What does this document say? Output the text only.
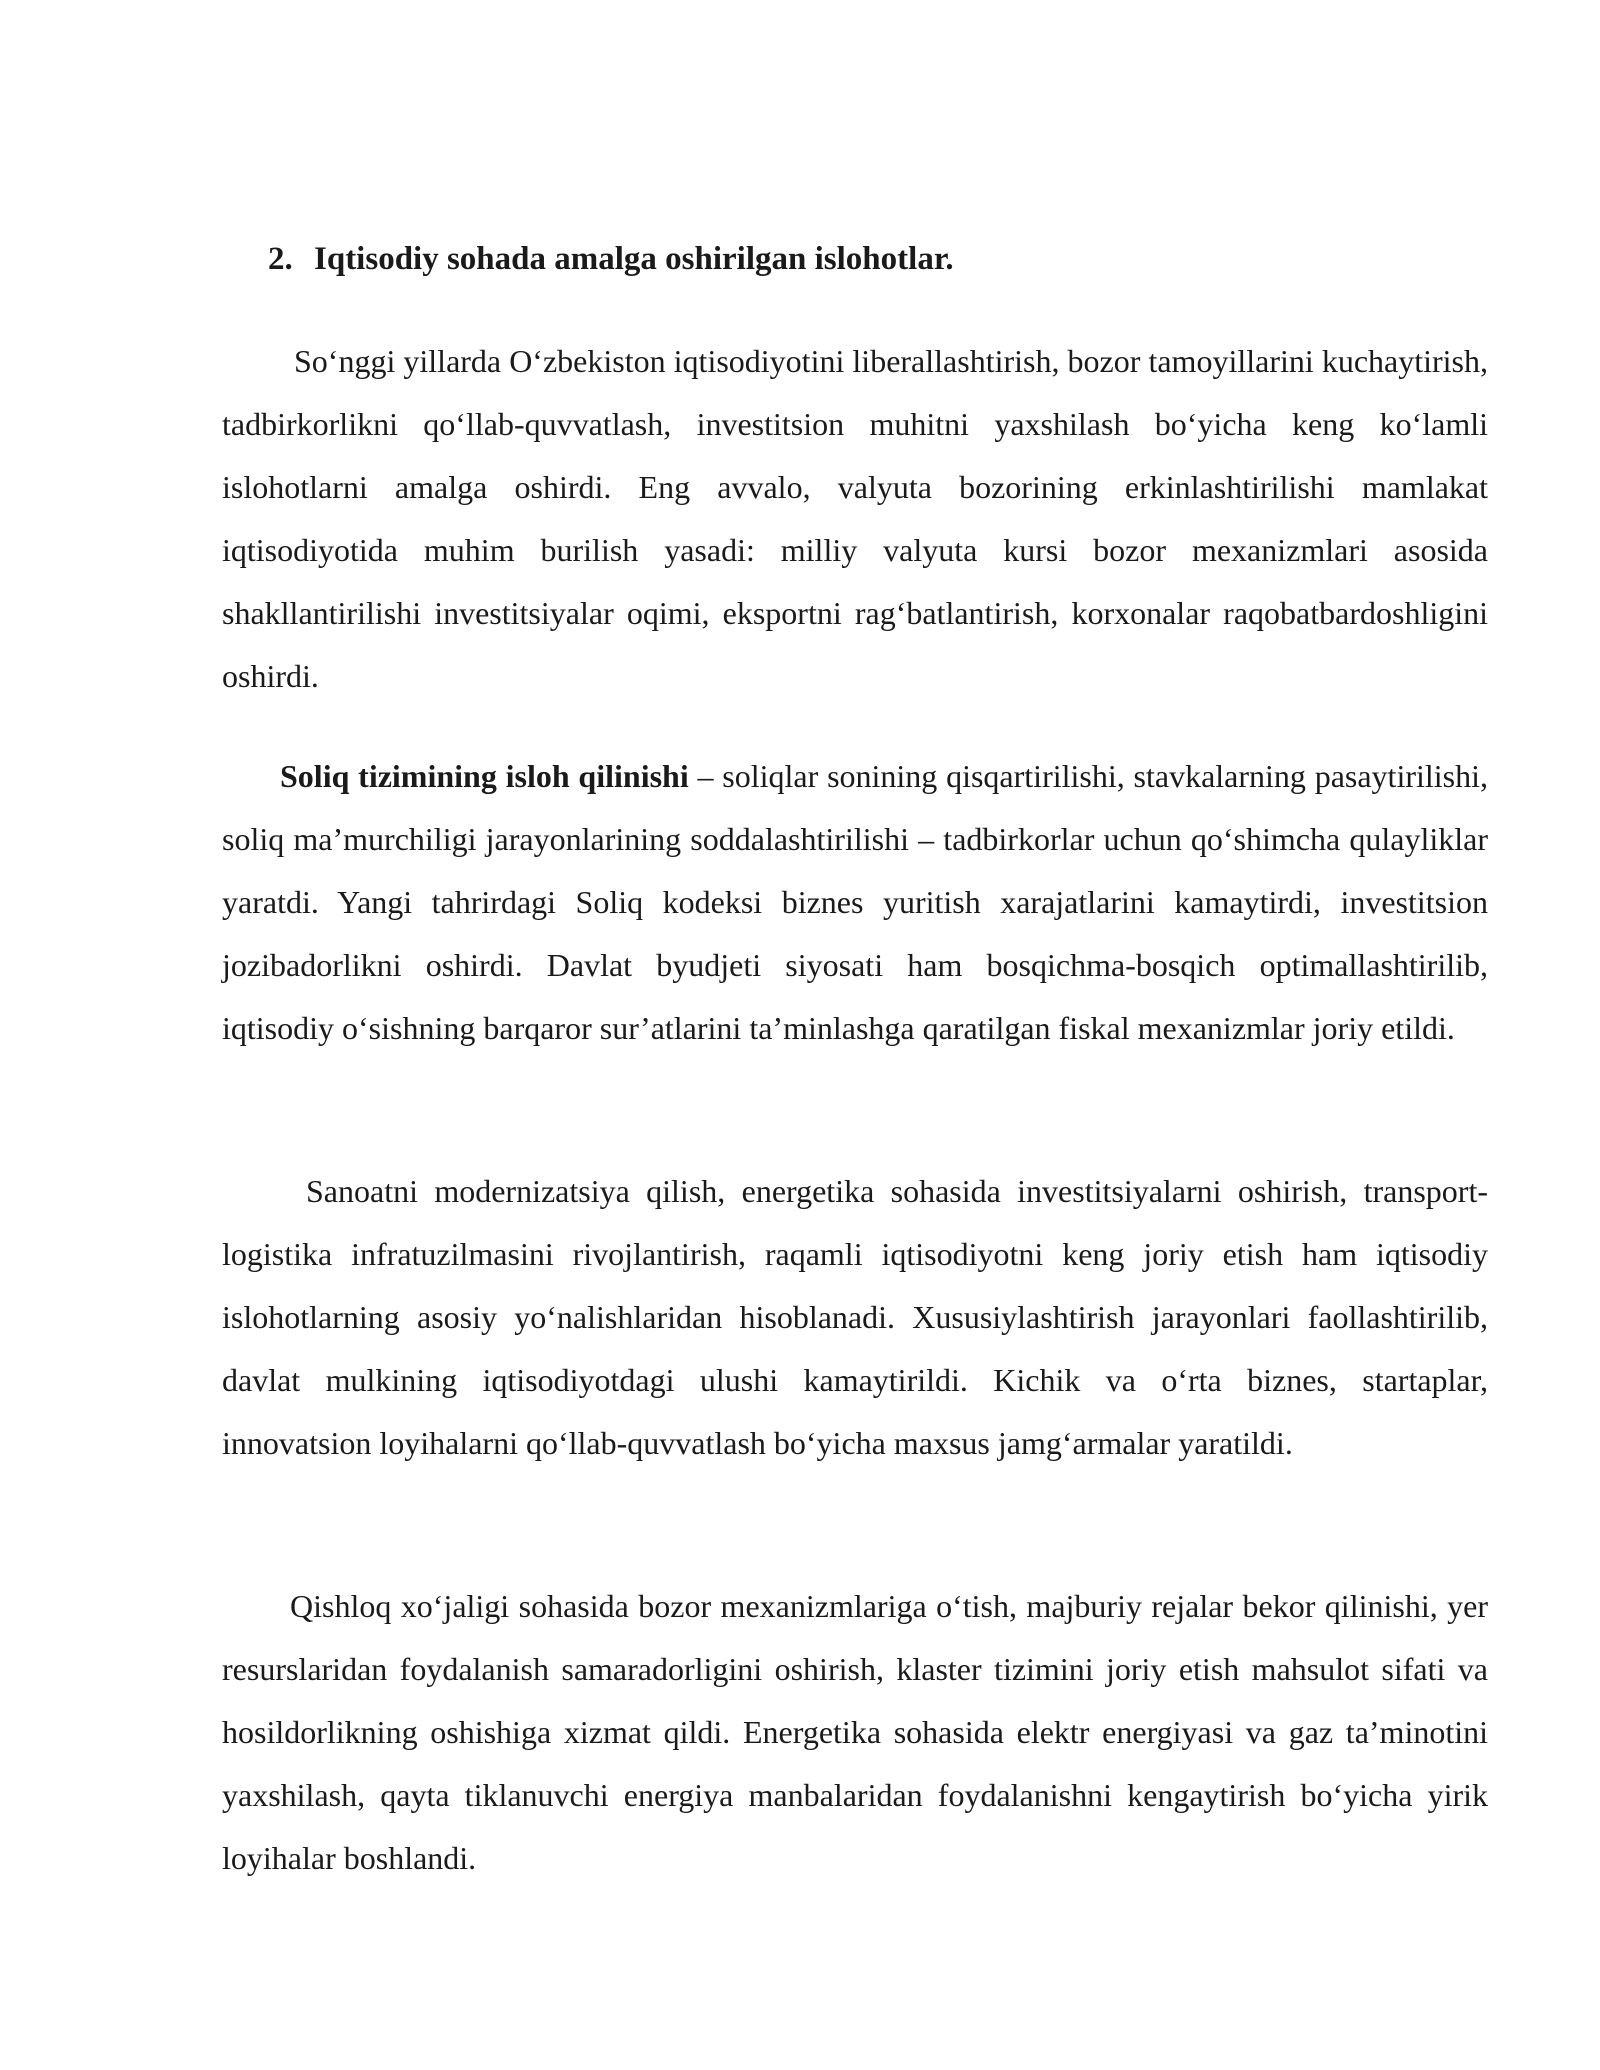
2. Iqtisodiy sohada amalga oshirilgan islohotlar.

So‘nggi yillarda O‘zbekiston iqtisodiyotini liberallashtirish, bozor tamoyillarini kuchaytirish, tadbirkorlikni qo‘llab-quvvatlash, investitsion muhitni yaxshilash bo‘yicha keng ko‘lamli islohotlarni amalga oshirdi. Eng avvalo, valyuta bozorining erkinlashtirilishi mamlakat iqtisodiyotida muhim burilish yasadi: milliy valyuta kursi bozor mexanizmlari asosida shakllantirilishi investitsiyalar oqimi, eksportni rag‘batlantirish, korxonalar raqobatbardoshligini oshirdi.

Soliq tizimining isloh qilinishi – soliqlar sonining qisqartirilishi, stavkalarning pasaytirilishi, soliq ma’murchiligi jarayonlarining soddalashtirilishi – tadbirkorlar uchun qo‘shimcha qulayliklar yaratdi. Yangi tahrirdagi Soliq kodeksi biznes yuritish xarajatlarini kamaytirdi, investitsion jozibadorlikni oshirdi. Davlat byudjeti siyosati ham bosqichma-bosqich optimallashtirilib, iqtisodiy o‘sishning barqaror sur’atlarini ta’minlashga qaratilgan fiskal mexanizmlar joriy etildi.

Sanoatni modernizatsiya qilish, energetika sohasida investitsiyalarni oshirish, transport-logistika infratuzilmasini rivojlantirish, raqamli iqtisodiyotni keng joriy etish ham iqtisodiy islohotlarning asosiy yo‘nalishlaridan hisoblanadi. Xususiylashtirish jarayonlari faollashtirilib, davlat mulkining iqtisodiyotdagi ulushi kamaytirildi. Kichik va o‘rta biznes, startaplar, innovatsion loyihalarni qo‘llab-quvvatlash bo‘yicha maxsus jamg‘armalar yaratildi.

Qishloq xo‘jaligi sohasida bozor mexanizmlariga o‘tish, majburiy rejalar bekor qilinishi, yer resurslaridan foydalanish samaradorligini oshirish, klaster tizimini joriy etish mahsulot sifati va hosildorlikning oshishiga xizmat qildi. Energetika sohasida elektr energiyasi va gaz ta’minotini yaxshilash, qayta tiklanuvchi energiya manbalaridan foydalanishni kengaytirish bo‘yicha yirik loyihalar boshlandi.
